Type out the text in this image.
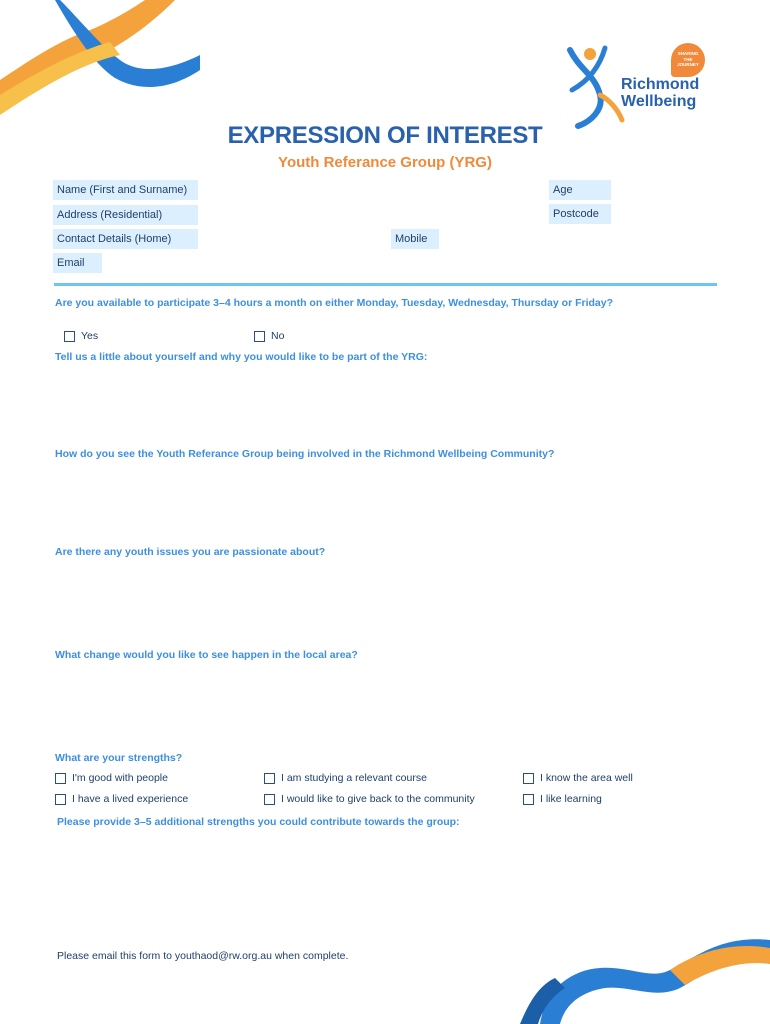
SHARING
THE
JOURNEY
Richmond
Wellbeing
EXPRESSION OF INTEREST
Youth Referance Group (YRG)
Name (First and Surname)	Age
Address (Residential)	Postcode
Contact Details (Home)	Mobile
Email
Are you available to participate 3–4 hours a month on either Monday, Tuesday, Wednesday, Thursday or Friday?
Yes	No
Tell us a little about yourself and why you would like to be part of the YRG:
How do you see the Youth Referance Group being involved in the Richmond Wellbeing Community?
Are there any youth issues you are passionate about?
What change would you like to see happen in the local area?
What are your strengths?
I'm good with people	I am studying a relevant course	I know the area well
I have a lived experience	I would like to give back to the community	I like learning
Please provide 3–5 additional strengths you could contribute towards the group:
Please email this form to youthaod@rw.org.au when complete.
